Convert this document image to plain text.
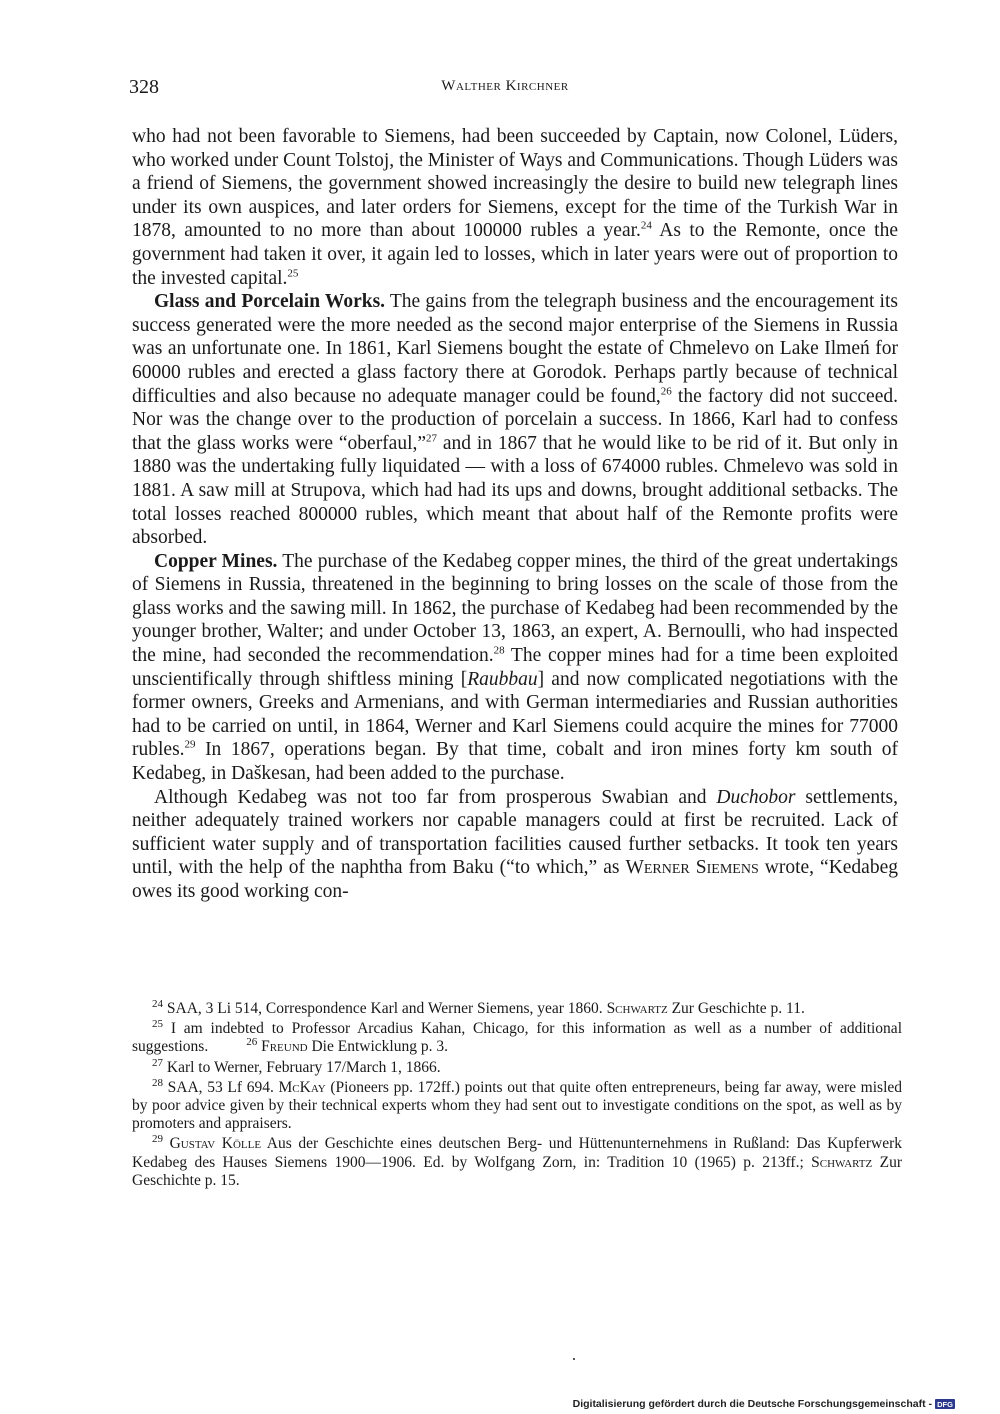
328	Walther Kirchner

who had not been favorable to Siemens, had been succeeded by Captain, now Colonel, Lüders, who worked under Count Tolstoj, the Minister of Ways and Communications. Though Lüders was a friend of Siemens, the government showed increasingly the desire to build new telegraph lines under its own auspices, and later orders for Siemens, except for the time of the Turkish War in 1878, amounted to no more than about 100000 rubles a year.$^{24}$ As to the Remonte, once the government had taken it over, it again led to losses, which in later years were out of proportion to the invested capital.$^{25}$

Glass and Porcelain Works. The gains from the telegraph business and the encouragement its success generated were the more needed as the second major enterprise of the Siemens in Russia was an unfortunate one. In 1861, Karl Siemens bought the estate of Chmelevo on Lake Ilmeń for 60000 rubles and erected a glass factory there at Gorodok. Perhaps partly because of technical difficulties and also because no adequate manager could be found,$^{26}$ the factory did not succeed. Nor was the change over to the production of porcelain a success. In 1866, Karl had to confess that the glass works were “oberfaul,”$^{27}$ and in 1867 that he would like to be rid of it. But only in 1880 was the undertaking fully liquidated — with a loss of 674000 rubles. Chmelevo was sold in 1881. A saw mill at Strupova, which had had its ups and downs, brought additional setbacks. The total losses reached 800000 rubles, which meant that about half of the Remonte profits were absorbed.

Copper Mines. The purchase of the Kedabeg copper mines, the third of the great undertakings of Siemens in Russia, threatened in the beginning to bring losses on the scale of those from the glass works and the sawing mill. In 1862, the purchase of Kedabeg had been recommended by the younger brother, Walter; and under October 13, 1863, an expert, A. Bernoulli, who had inspected the mine, had seconded the recommendation.$^{28}$ The copper mines had for a time been exploited unscientifically through shiftless mining [Raubbau] and now complicated negotiations with the former owners, Greeks and Armenians, and with German intermediaries and Russian authorities had to be carried on until, in 1864, Werner and Karl Siemens could acquire the mines for 77000 rubles.$^{29}$ In 1867, operations began. By that time, cobalt and iron mines forty km south of Kedabeg, in Daškesan, had been added to the purchase.

Although Kedabeg was not too far from prosperous Swabian and Duchobor settlements, neither adequately trained workers nor capable managers could at first be recruited. Lack of sufficient water supply and of transportation facilities caused further setbacks. It took ten years until, with the help of the naphtha from Baku (“to which,” as Werner Siemens wrote, “Kedabeg owes its good working con-

$^{24}$ SAA, 3 Li 514, Correspondence Karl and Werner Siemens, year 1860. Schwartz Zur Geschichte p. 11.

$^{25}$ I am indebted to Professor Arcadius Kahan, Chicago, for this information as well as a number of additional suggestions.	$^{26}$ Freund Die Entwicklung p. 3.

$^{27}$ Karl to Werner, February 17/March 1, 1866.

$^{28}$ SAA, 53 Lf 694. McKay (Pioneers pp. 172ff.) points out that quite often entrepreneurs, being far away, were misled by poor advice given by their technical experts whom they had sent out to investigate conditions on the spot, as well as by promoters and appraisers.

$^{29}$ Gustav Kölle Aus der Geschichte eines deutschen Berg- und Hüttenunternehmens in Rußland: Das Kupferwerk Kedabeg des Hauses Siemens 1900—1906. Ed. by Wolfgang Zorn, in: Tradition 10 (1965) p. 213ff.; Schwartz Zur Geschichte p. 15.

Digitalisierung gefördert durch die Deutsche Forschungsgemeinschaft - DFG
